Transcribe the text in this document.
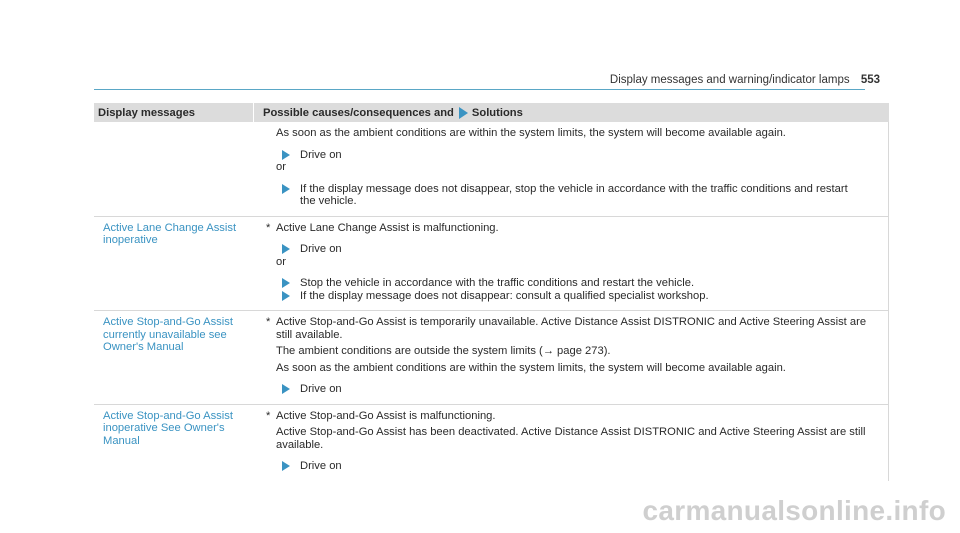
Display messages and warning/indicator lamps 553
Display messages	Possible causes/consequences and Solutions
As soon as the ambient conditions are within the system limits, the system will become available again.
Drive on
or
If the display message does not disappear, stop the vehicle in accordance with the traffic conditions and restart
the vehicle.
Active Lane Change Assist
inoperative
* Active Lane Change Assist is malfunctioning.
Drive on
or
Stop the vehicle in accordance with the traffic conditions and restart the vehicle.
If the display message does not disappear: consult a qualified specialist workshop.
Active Stop-and-Go Assist
currently unavailable see
Owner's Manual
* Active Stop-and-Go Assist is temporarily unavailable. Active Distance Assist DISTRONIC and Active Steering Assist are
still available.
The ambient conditions are outside the system limits (→ page 273).
As soon as the ambient conditions are within the system limits, the system will become available again.
Drive on
Active Stop-and-Go Assist
inoperative See Owner's
Manual
* Active Stop-and-Go Assist is malfunctioning.
Active Stop-and-Go Assist has been deactivated. Active Distance Assist DISTRONIC and Active Steering Assist are still
available.
Drive on
carmanualsonline.info
